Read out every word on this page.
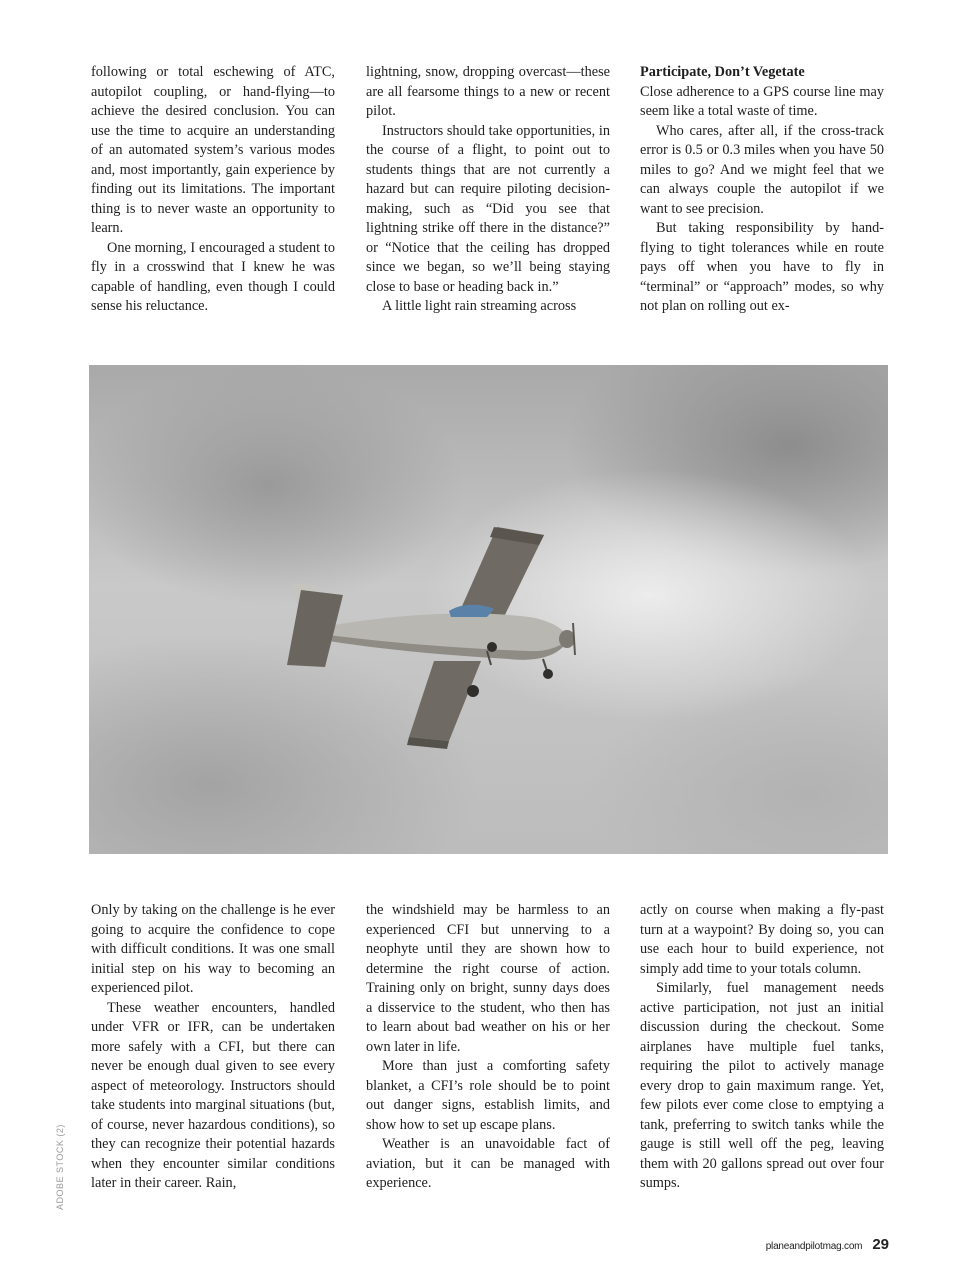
following or total eschewing of ATC, autopilot coupling, or hand-flying—to achieve the desired conclusion. You can use the time to acquire an understanding of an automated system’s various modes and, most importantly, gain experience by finding out its limitations. The important thing is to never waste an opportunity to learn.

One morning, I encouraged a student to fly in a crosswind that I knew he was capable of handling, even though I could sense his reluctance.

lightning, snow, dropping overcast—these are all fearsome things to a new or recent pilot.

Instructors should take opportunities, in the course of a flight, to point out to students things that are not currently a hazard but can require piloting decision-making, such as “Did you see that lightning strike off there in the distance?” or “Notice that the ceiling has dropped since we began, so we’ll being staying close to base or heading back in.”

A little light rain streaming across

Participate, Don’t Vegetate

Close adherence to a GPS course line may seem like a total waste of time.

Who cares, after all, if the cross-track error is 0.5 or 0.3 miles when you have 50 miles to go? And we might feel that we can always couple the autopilot if we want to see precision.

But taking responsibility by hand-flying to tight tolerances while en route pays off when you have to fly in “terminal” or “approach” modes, so why not plan on rolling out ex-

Only by taking on the challenge is he ever going to acquire the confidence to cope with difficult conditions. It was one small initial step on his way to becoming an experienced pilot.

These weather encounters, handled under VFR or IFR, can be undertaken more safely with a CFI, but there can never be enough dual given to see every aspect of meteorology. Instructors should take students into marginal situations (but, of course, never hazardous conditions), so they can recognize their potential hazards when they encounter similar conditions later in their career. Rain,

the windshield may be harmless to an experienced CFI but unnerving to a neophyte until they are shown how to determine the right course of action. Training only on bright, sunny days does a disservice to the student, who then has to learn about bad weather on his or her own later in life.

More than just a comforting safety blanket, a CFI’s role should be to point out danger signs, establish limits, and show how to set up escape plans.

Weather is an unavoidable fact of aviation, but it can be managed with experience.

actly on course when making a fly-past turn at a waypoint? By doing so, you can use each hour to build experience, not simply add time to your totals column.

Similarly, fuel management needs active participation, not just an initial discussion during the checkout. Some airplanes have multiple fuel tanks, requiring the pilot to actively manage every drop to gain maximum range. Yet, few pilots ever come close to emptying a tank, preferring to switch tanks while the gauge is still well off the peg, leaving them with 20 gallons spread out over four sumps.

ADOBE STOCK (2)
planeandpilotmag.com 29
